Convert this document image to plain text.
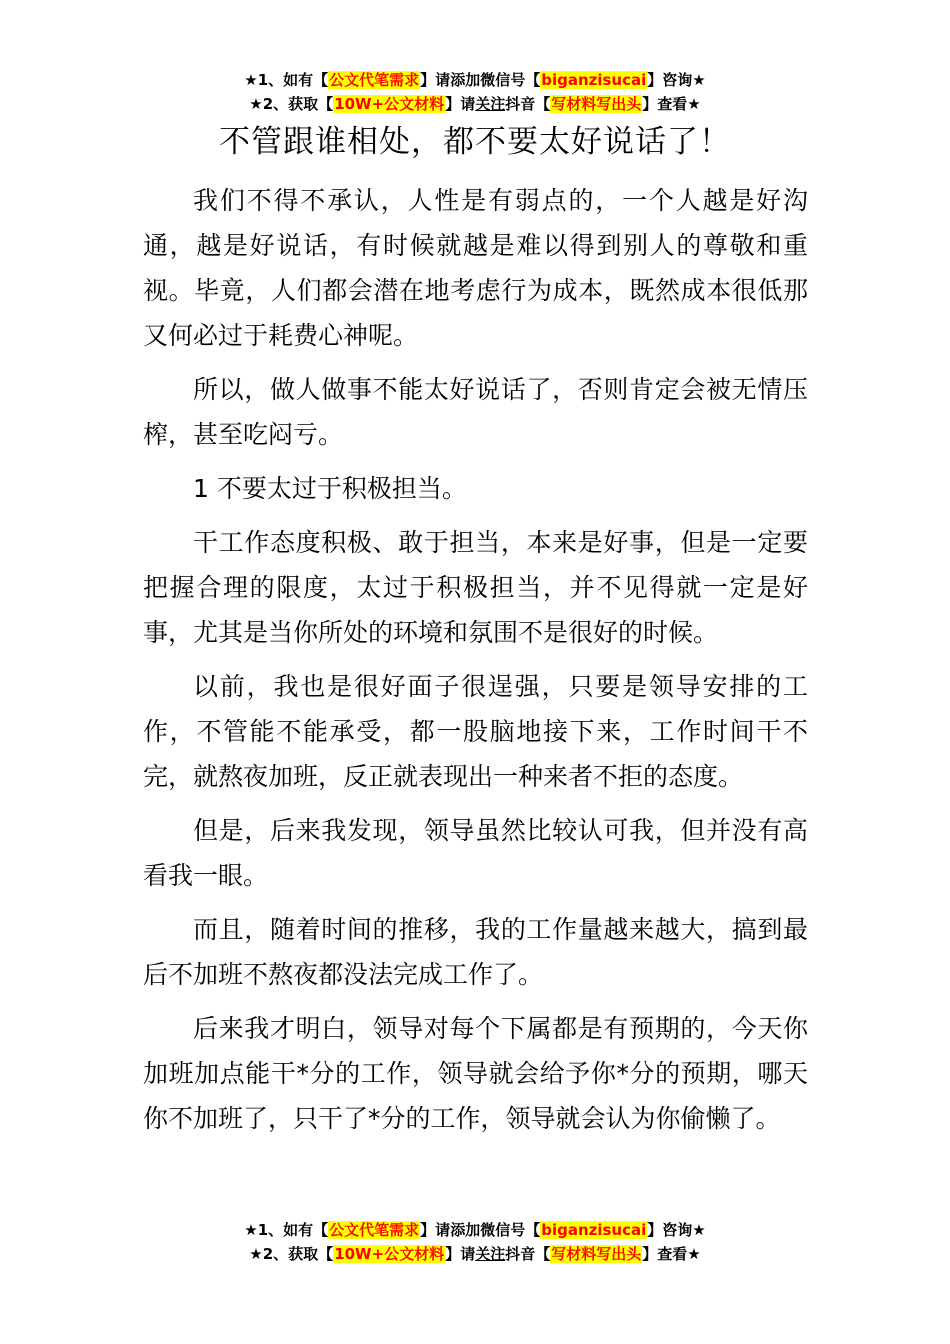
★1、如有【公文代笔需求】请添加微信号【biganzisucai】咨询★
★2、获取【10W+公文材料】请关注抖音【写材料写出头】查看★
不管跟谁相处，都不要太好说话了！

我们不得不承认，人性是有弱点的，一个人越是好沟通，越是好说话，有时候就越是难以得到别人的尊敬和重视。毕竟，人们都会潜在地考虑行为成本，既然成本很低那又何必过于耗费心神呢。

所以，做人做事不能太好说话了，否则肯定会被无情压榨，甚至吃闷亏。

1 不要太过于积极担当。

干工作态度积极、敢于担当，本来是好事，但是一定要把握合理的限度，太过于积极担当，并不见得就一定是好事，尤其是当你所处的环境和氛围不是很好的时候。

以前，我也是很好面子很逞强，只要是领导安排的工作，不管能不能承受，都一股脑地接下来，工作时间干不完，就熬夜加班，反正就表现出一种来者不拒的态度。

但是，后来我发现，领导虽然比较认可我，但并没有高看我一眼。

而且，随着时间的推移，我的工作量越来越大，搞到最后不加班不熬夜都没法完成工作了。

后来我才明白，领导对每个下属都是有预期的，今天你加班加点能干*分的工作，领导就会给予你*分的预期，哪天你不加班了，只干了*分的工作，领导就会认为你偷懒了。

★1、如有【公文代笔需求】请添加微信号【biganzisucai】咨询★
★2、获取【10W+公文材料】请关注抖音【写材料写出头】查看★
